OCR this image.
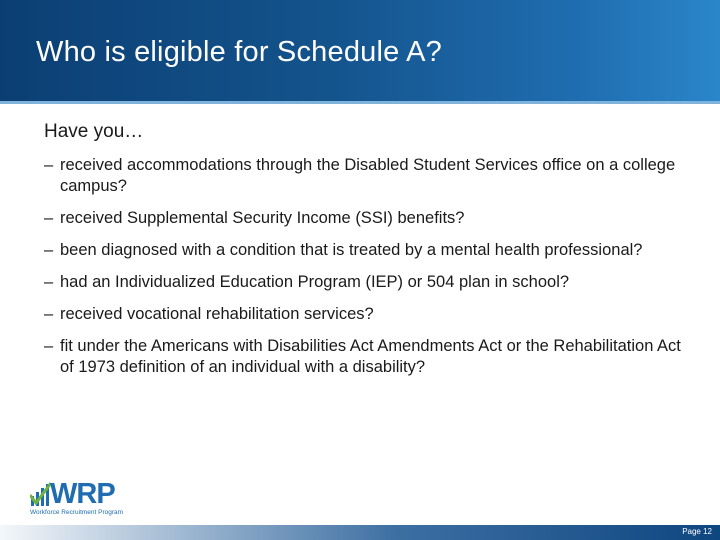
Who is eligible for Schedule A?
Have you…
– received accommodations through the Disabled Student Services office on a college campus?
– received Supplemental Security Income (SSI) benefits?
– been diagnosed with a condition that is treated by a mental health professional?
– had an Individualized Education Program (IEP) or 504 plan in school?
– received vocational rehabilitation services?
– fit under the Americans with Disabilities Act Amendments Act or the Rehabilitation Act of 1973 definition of an individual with a disability?
WRP
Workforce Recruitment Program
Page 12
